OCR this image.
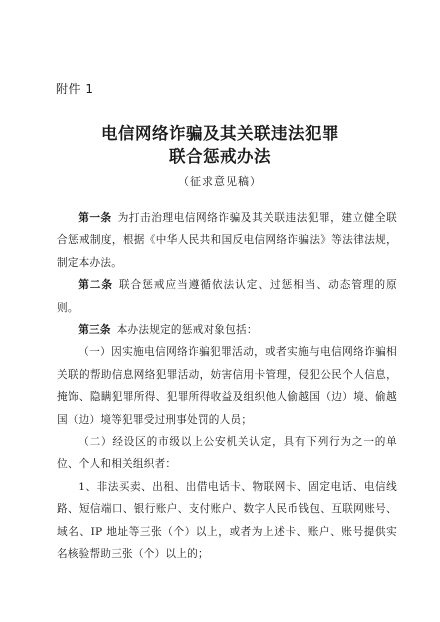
附件 1
电信网络诈骗及其关联违法犯罪
联合惩戒办法
（征求意见稿）

第一条 为打击治理电信网络诈骗及其关联违法犯罪，建立健全联合惩戒制度，根据《中华人民共和国反电信网络诈骗法》等法律法规，制定本办法。

第二条 联合惩戒应当遵循依法认定、过惩相当、动态管理的原则。

第三条 本办法规定的惩戒对象包括：

（一）因实施电信网络诈骗犯罪活动，或者实施与电信网络诈骗相关联的帮助信息网络犯罪活动，妨害信用卡管理，侵犯公民个人信息，掩饰、隐瞒犯罪所得、犯罪所得收益及组织他人偷越国（边）境、偷越国（边）境等犯罪受过刑事处罚的人员；

（二）经设区的市级以上公安机关认定，具有下列行为之一的单位、个人和相关组织者：

1、非法买卖、出租、出借电话卡、物联网卡、固定电话、电信线路、短信端口、银行账户、支付账户、数字人民币钱包、互联网账号、域名、IP 地址等三张（个）以上，或者为上述卡、账户、账号提供实名核验帮助三张（个）以上的；
